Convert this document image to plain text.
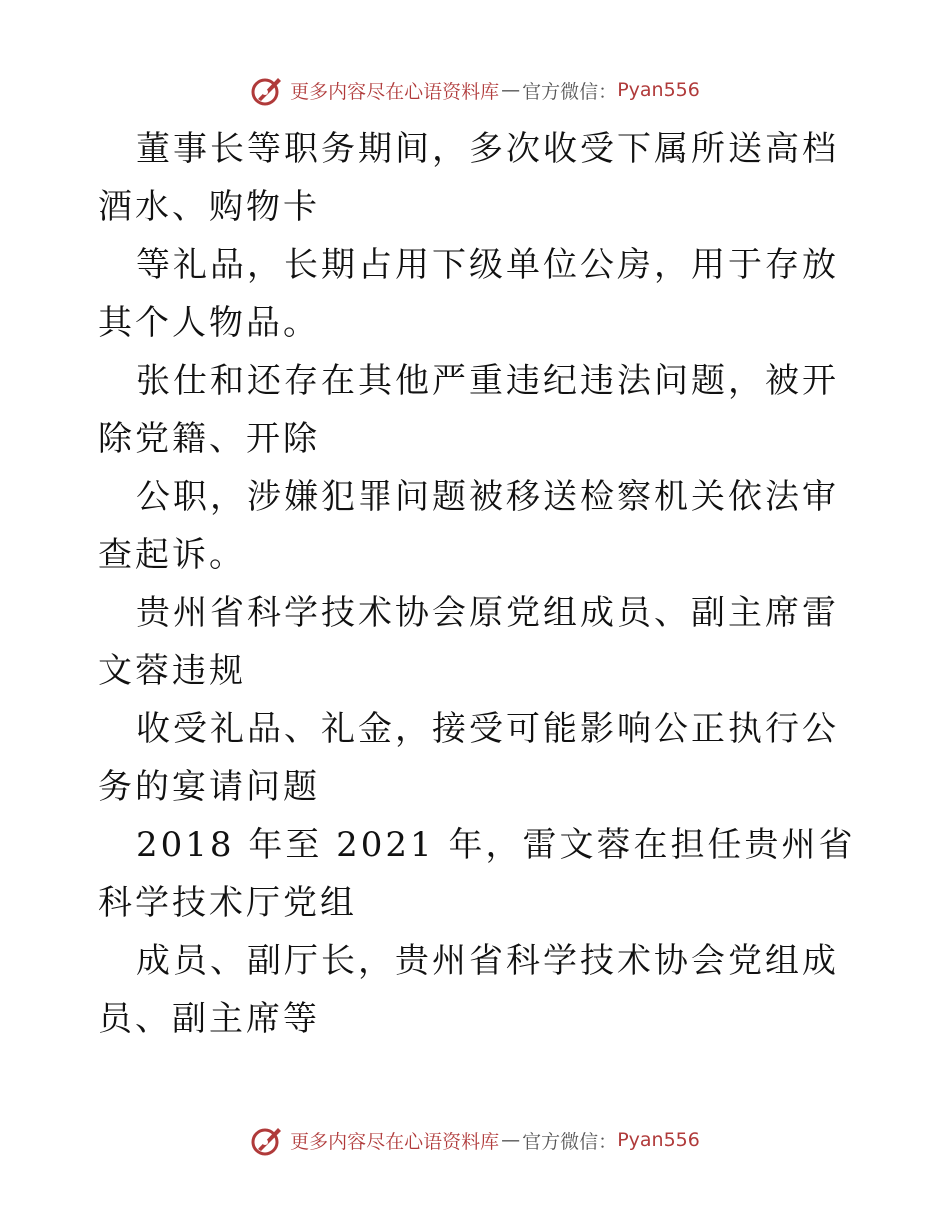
更多内容尽在心语资料库 — 官方微信： Pyan556

董事长等职务期间，多次收受下属所送高档酒水、购物卡

等礼品，长期占用下级单位公房，用于存放其个人物品。

张仕和还存在其他严重违纪违法问题，被开除党籍、开除

公职，涉嫌犯罪问题被移送检察机关依法审查起诉。

贵州省科学技术协会原党组成员、副主席雷文蓉违规

收受礼品、礼金，接受可能影响公正执行公务的宴请问题

2018 年至 2021 年，雷文蓉在担任贵州省科学技术厅党组

成员、副厅长，贵州省科学技术协会党组成员、副主席等

更多内容尽在心语资料库 — 官方微信： Pyan556
